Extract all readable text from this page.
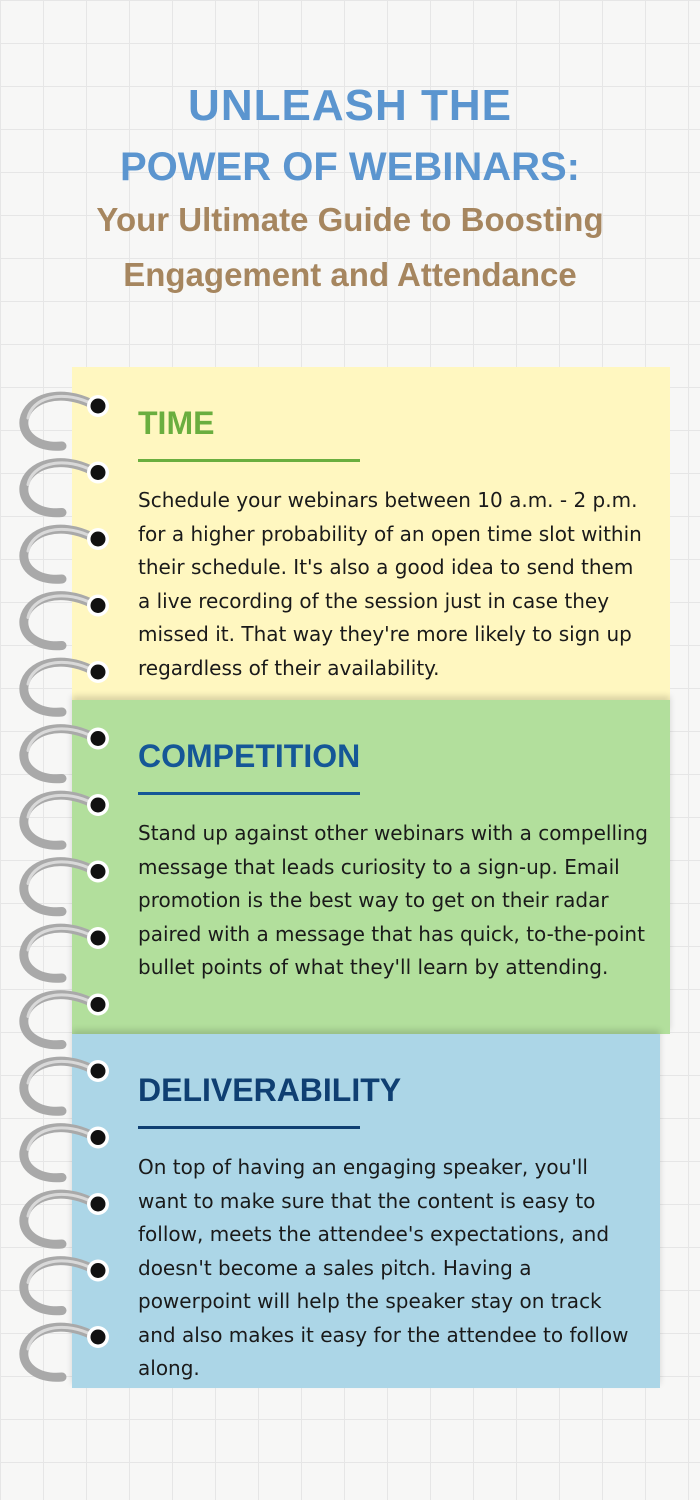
UNLEASH THE
POWER OF WEBINARS:
Your Ultimate Guide to Boosting
Engagement and Attendance
TIME

Schedule your webinars between 10 a.m. - 2 p.m. for a higher probability of an open time slot within their schedule. It's also a good idea to send them a live recording of the session just in case they missed it. That way they're more likely to sign up regardless of their availability.

COMPETITION

Stand up against other webinars with a compelling message that leads curiosity to a sign-up. Email promotion is the best way to get on their radar paired with a message that has quick, to-the-point bullet points of what they'll learn by attending.

DELIVERABILITY

On top of having an engaging speaker, you'll want to make sure that the content is easy to follow, meets the attendee's expectations, and doesn't become a sales pitch. Having a powerpoint will help the speaker stay on track and also makes it easy for the attendee to follow along.
